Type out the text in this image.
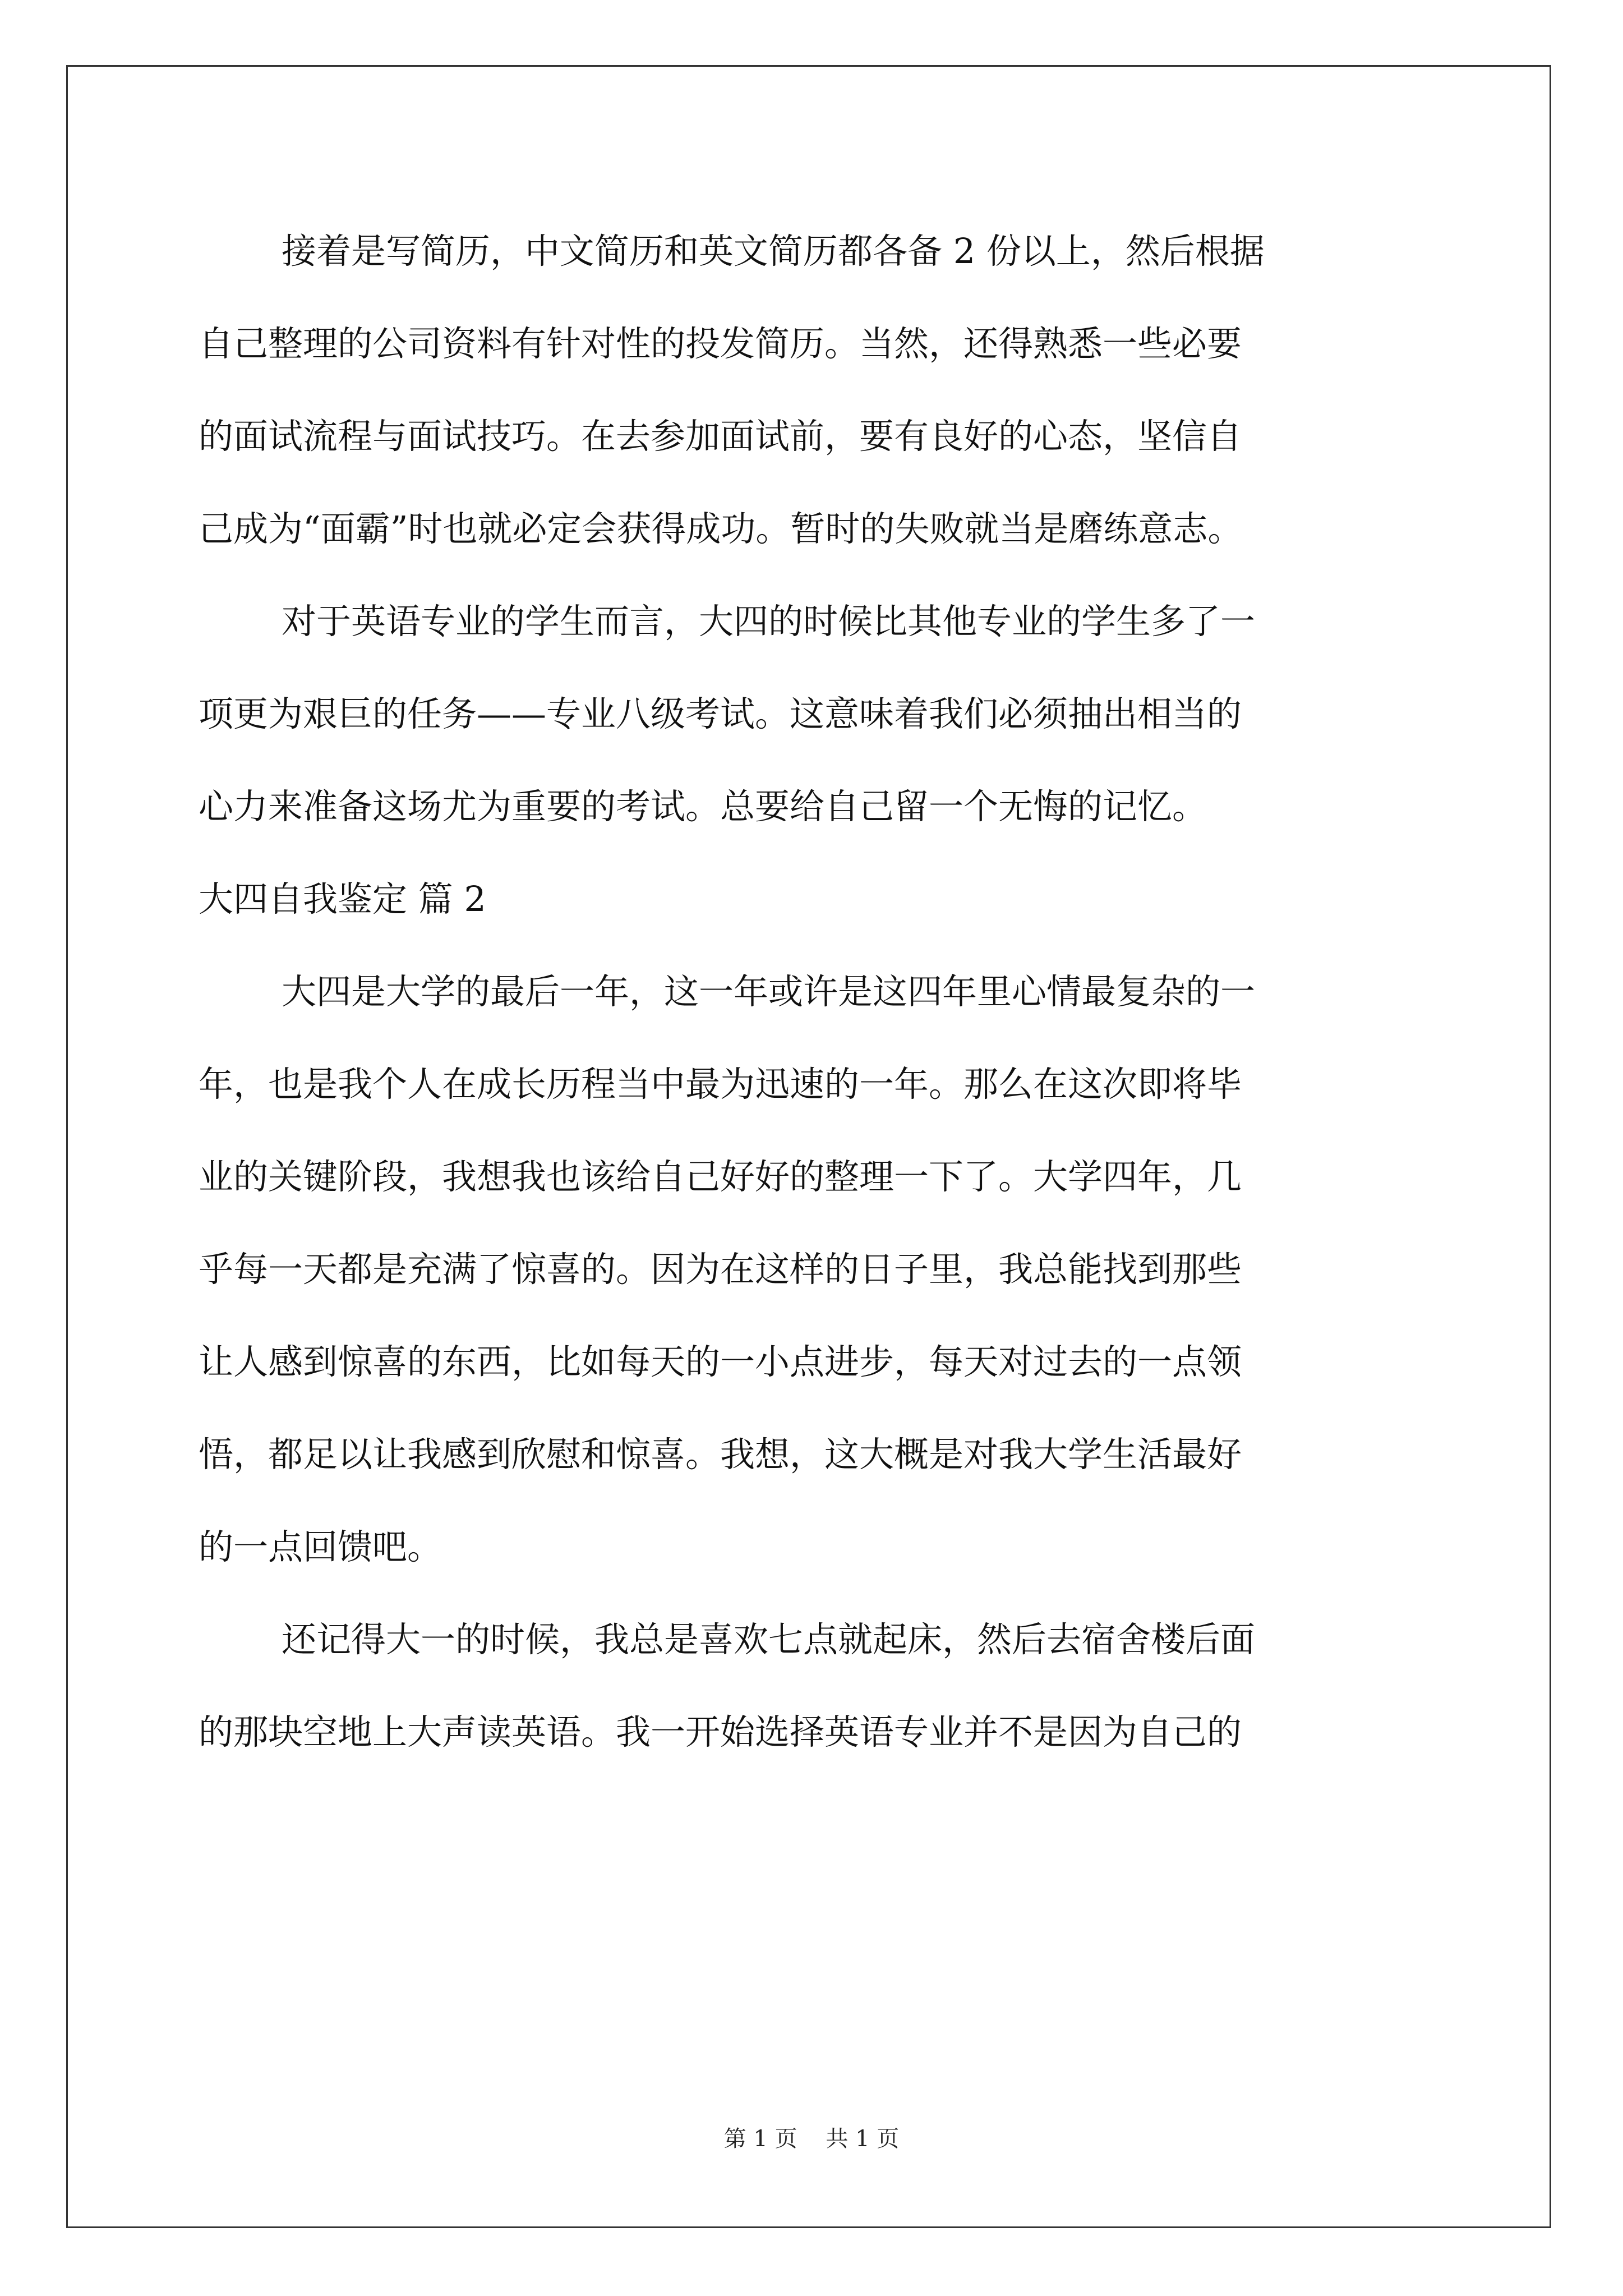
接着是写简历，中文简历和英文简历都各备 2 份以上，然后根据
自己整理的公司资料有针对性的投发简历。当然，还得熟悉一些必要
的面试流程与面试技巧。在去参加面试前，要有良好的心态，坚信自
己成为“面霸”时也就必定会获得成功。暂时的失败就当是磨练意志。
对于英语专业的学生而言，大四的时候比其他专业的学生多了一
项更为艰巨的任务——专业八级考试。这意味着我们必须抽出相当的
心力来准备这场尤为重要的考试。总要给自己留一个无悔的记忆。
大四自我鉴定 篇 2
大四是大学的最后一年，这一年或许是这四年里心情最复杂的一
年，也是我个人在成长历程当中最为迅速的一年。那么在这次即将毕
业的关键阶段，我想我也该给自己好好的整理一下了。大学四年，几
乎每一天都是充满了惊喜的。因为在这样的日子里，我总能找到那些
让人感到惊喜的东西，比如每天的一小点进步，每天对过去的一点领
悟，都足以让我感到欣慰和惊喜。我想，这大概是对我大学生活最好
的一点回馈吧。
还记得大一的时候，我总是喜欢七点就起床，然后去宿舍楼后面
的那块空地上大声读英语。我一开始选择英语专业并不是因为自己的
第 1 页    共 1 页
